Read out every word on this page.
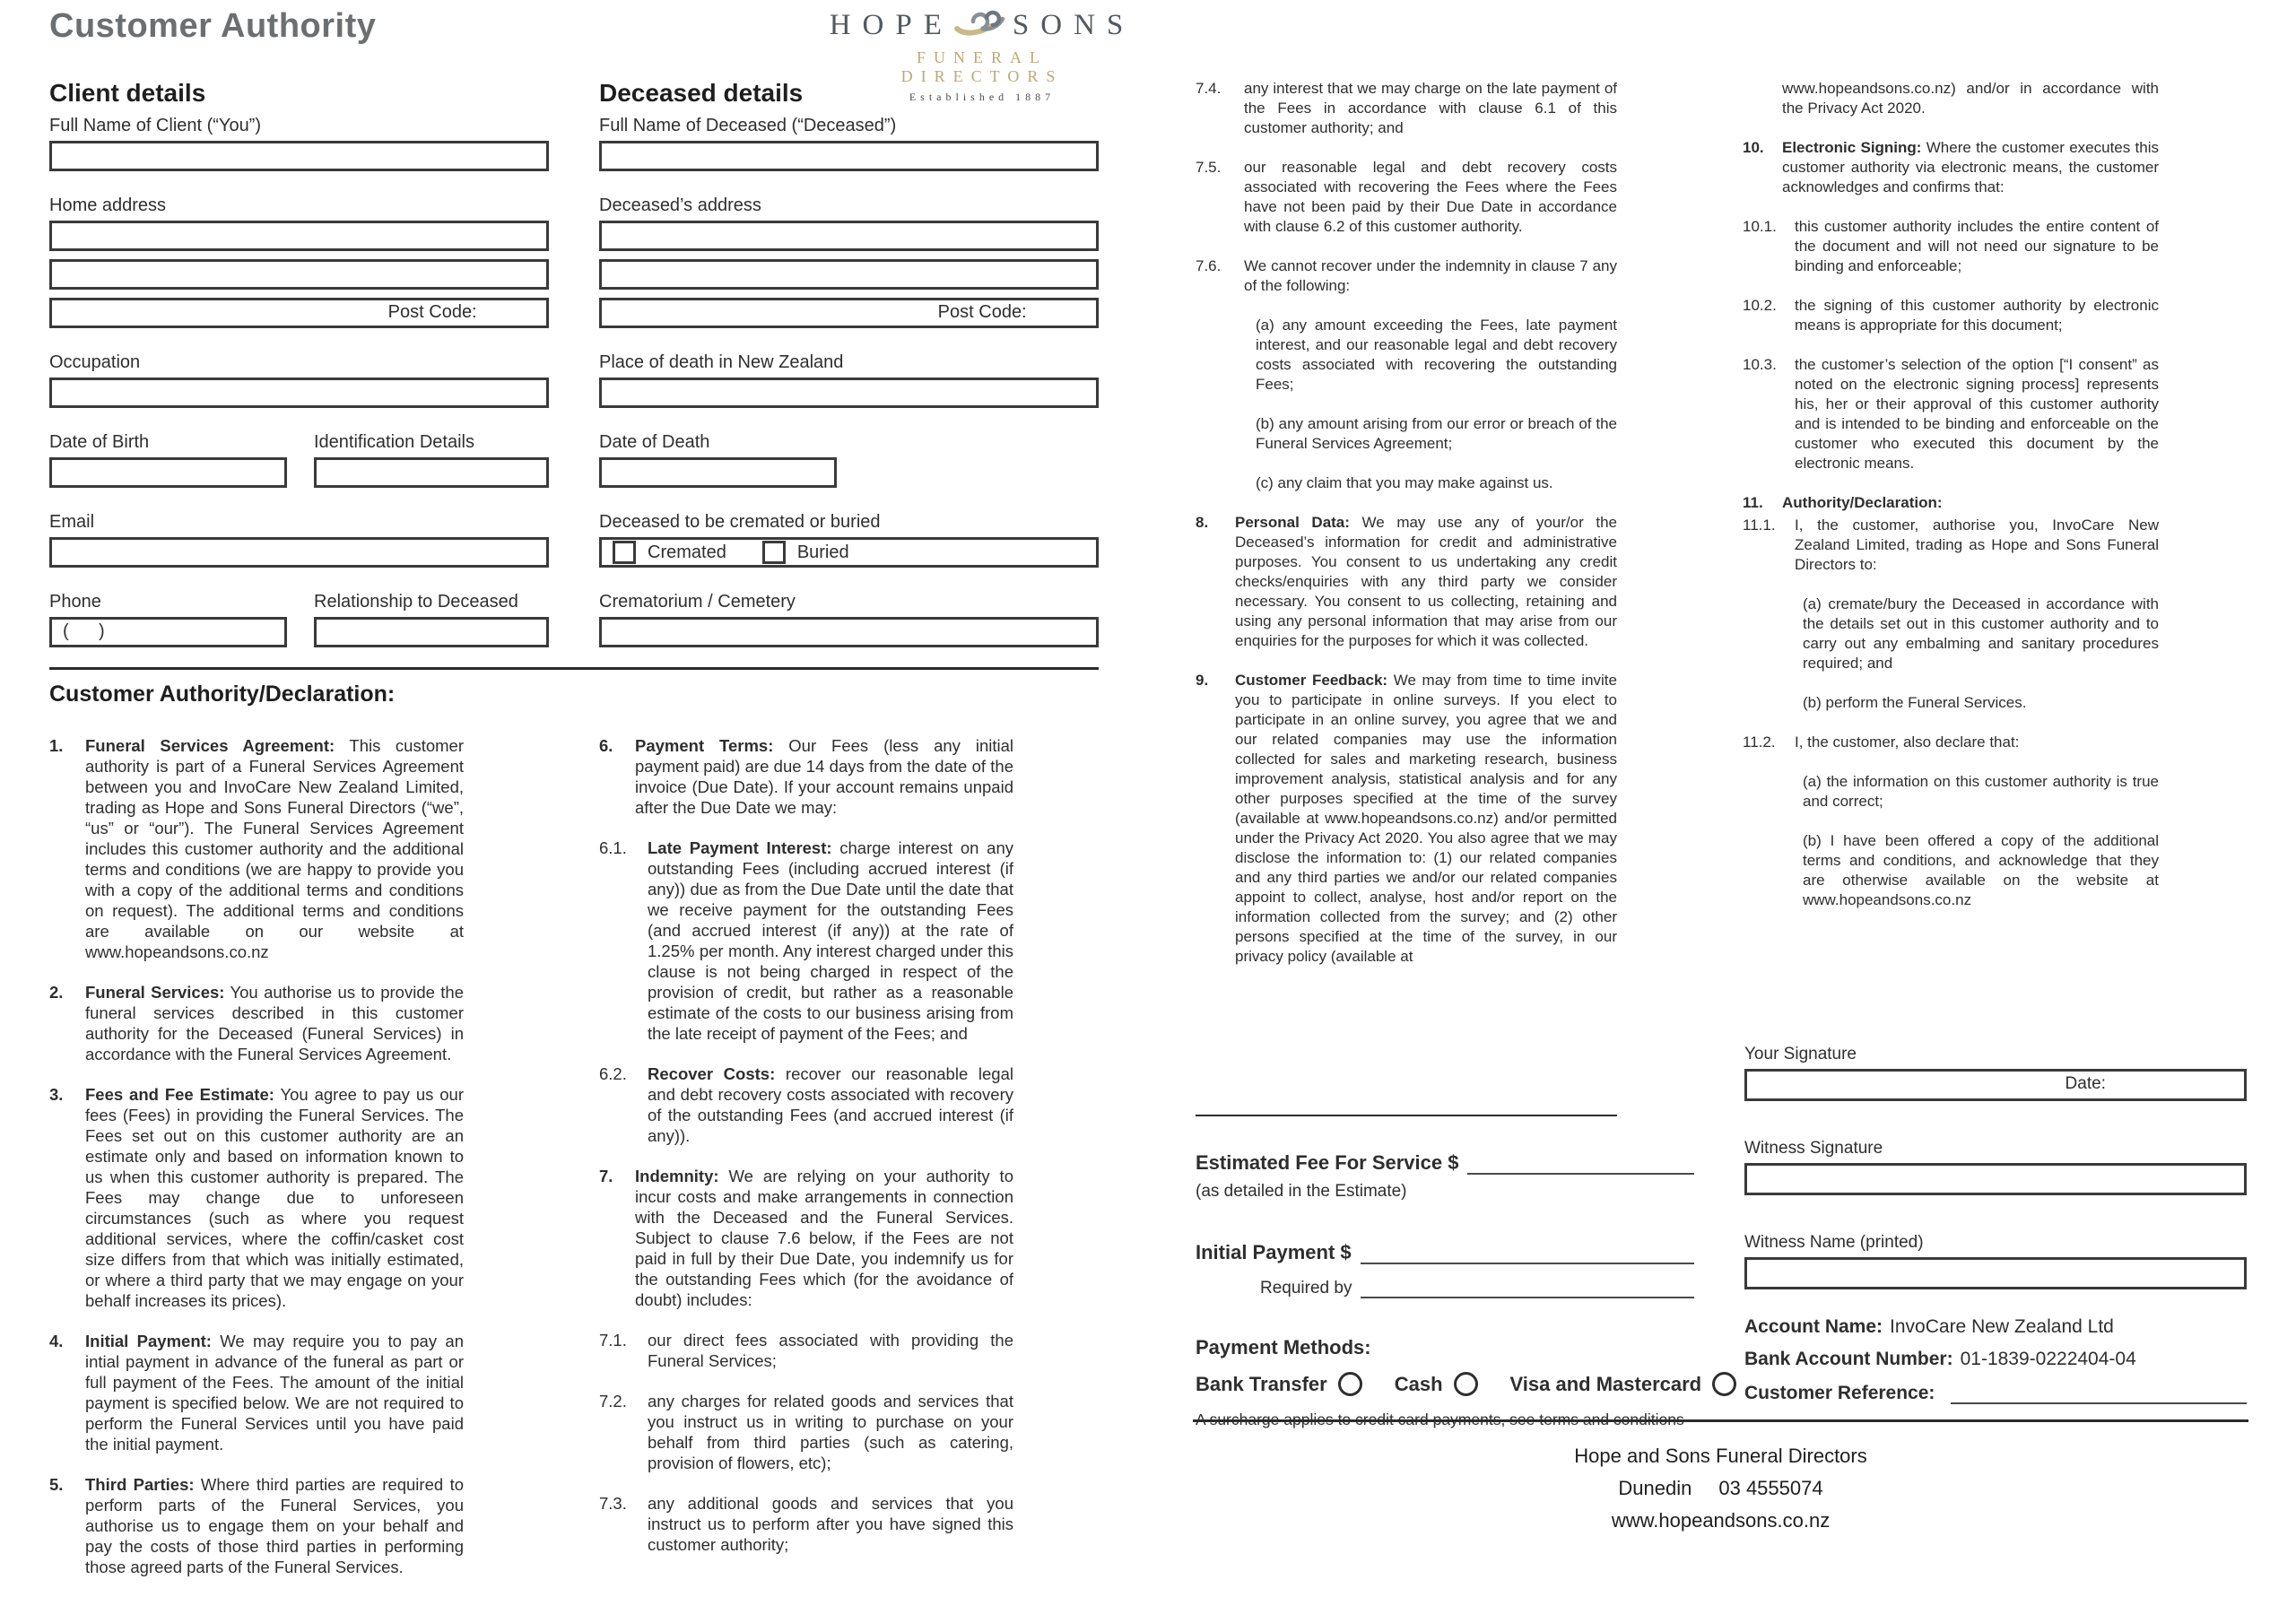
Customer Authority	HOPE SONS
FUNERAL DIRECTORS
Established 1887
Client details
Full Name of Client (“You”)
Home address
Post Code:
Occupation
Date of Birth	Identification Details
Email
Phone
(      )
Relationship to Deceased
Deceased details
Full Name of Deceased (“Deceased”)
Deceased’s address
Post Code:
Place of death in New Zealand
Date of Death
Deceased to be cremated or buried
Cremated	Buried
Crematorium / Cemetery
Customer Authority/Declaration:
1.	Funeral Services Agreement: This customer authority is part of a Funeral Services Agreement between you and InvoCare New Zealand Limited, trading as Hope and Sons Funeral Directors (“we”, “us” or “our”). The Funeral Services Agreement includes this customer authority and the additional terms and conditions (we are happy to provide you with a copy of the additional terms and conditions on request). The additional terms and conditions are available on our website at www.hopeandsons.co.nz
2.	Funeral Services: You authorise us to provide the funeral services described in this customer authority for the Deceased (Funeral Services) in accordance with the Funeral Services Agreement.
3.	Fees and Fee Estimate: You agree to pay us our fees (Fees) in providing the Funeral Services. The Fees set out on this customer authority are an estimate only and based on information known to us when this customer authority is prepared. The Fees may change due to unforeseen circumstances (such as where you request additional services, where the coffin/casket cost size differs from that which was initially estimated, or where a third party that we may engage on your behalf increases its prices).
4.	Initial Payment: We may require you to pay an intial payment in advance of the funeral as part or full payment of the Fees. The amount of the initial payment is specified below. We are not required to perform the Funeral Services until you have paid the initial payment.
5.	Third Parties: Where third parties are required to perform parts of the Funeral Services, you authorise us to engage them on your behalf and pay the costs of those third parties in performing those agreed parts of the Funeral Services.
6.	Payment Terms: Our Fees (less any initial payment paid) are due 14 days from the date of the invoice (Due Date). If your account remains unpaid after the Due Date we may:
6.1.	Late Payment Interest: charge interest on any outstanding Fees (including accrued interest (if any)) due as from the Due Date until the date that we receive payment for the outstanding Fees (and accrued interest (if any)) at the rate of 1.25% per month. Any interest charged under this clause is not being charged in respect of the provision of credit, but rather as a reasonable estimate of the costs to our business arising from the late receipt of payment of the Fees; and
6.2.	Recover Costs: recover our reasonable legal and debt recovery costs associated with recovery of the outstanding Fees (and accrued interest (if any)).
7.	Indemnity: We are relying on your authority to incur costs and make arrangements in connection with the Deceased and the Funeral Services. Subject to clause 7.6 below, if the Fees are not paid in full by their Due Date, you indemnify us for the outstanding Fees which (for the avoidance of doubt) includes:
7.1.	our direct fees associated with providing the Funeral Services;
7.2.	any charges for related goods and services that you instruct us in writing to purchase on your behalf from third parties (such as catering, provision of flowers, etc);
7.3.	any additional goods and services that you instruct us to perform after you have signed this customer authority;
7.4.	any interest that we may charge on the late payment of the Fees in accordance with clause 6.1 of this customer authority; and
7.5.	our reasonable legal and debt recovery costs associated with recovering the Fees where the Fees have not been paid by their Due Date in accordance with clause 6.2 of this customer authority.
7.6.	We cannot recover under the indemnity in clause 7 any of the following:
(a) any amount exceeding the Fees, late payment interest, and our reasonable legal and debt recovery costs associated with recovering the outstanding Fees;
(b) any amount arising from our error or breach of the Funeral Services Agreement;
(c) any claim that you may make against us.
8.	Personal Data: We may use any of your/or the Deceased’s information for credit and administrative purposes. You consent to us undertaking any credit checks/enquiries with any third party we consider necessary. You consent to us collecting, retaining and using any personal information that may arise from our enquiries for the purposes for which it was collected.
9.	Customer Feedback: We may from time to time invite you to participate in online surveys. If you elect to participate in an online survey, you agree that we and our related companies may use the information collected for sales and marketing research, business improvement analysis, statistical analysis and for any other purposes specified at the time of the survey (available at www.hopeandsons.co.nz) and/or permitted under the Privacy Act 2020. You also agree that we may disclose the information to: (1) our related companies and any third parties we and/or our related companies appoint to collect, analyse, host and/or report on the information collected from the survey; and (2) other persons specified at the time of the survey, in our privacy policy (available at
www.hopeandsons.co.nz) and/or in accordance with the Privacy Act 2020.
10.	Electronic Signing: Where the customer executes this customer authority via electronic means, the customer acknowledges and confirms that:
10.1.	this customer authority includes the entire content of the document and will not need our signature to be binding and enforceable;
10.2.	the signing of this customer authority by electronic means is appropriate for this document;
10.3.	the customer’s selection of the option [“I consent” as noted on the electronic signing process] represents his, her or their approval of this customer authority and is intended to be binding and enforceable on the customer who executed this document by the electronic means.
11.	Authority/Declaration:
11.1.	I, the customer, authorise you, InvoCare New Zealand Limited, trading as Hope and Sons Funeral Directors to:
(a) cremate/bury the Deceased in accordance with the details set out in this customer authority and to carry out any embalming and sanitary procedures required; and
(b) perform the Funeral Services.
11.2.	I, the customer, also declare that:
(a) the information on this customer authority is true and correct;
(b) I have been offered a copy of the additional terms and conditions, and acknowledge that they are otherwise available on the website at www.hopeandsons.co.nz
Estimated Fee For Service $
(as detailed in the Estimate)
Initial Payment $
Required by
Payment Methods:
Bank Transfer	Cash	Visa and Mastercard
A surcharge applies to credit card payments, see terms and conditions
Your Signature
Date:
Witness Signature
Witness Name (printed)
Account Name: InvoCare New Zealand Ltd
Bank Account Number: 01-1839-0222404-04
Customer Reference:
Hope and Sons Funeral Directors
Dunedin 03 4555074
www.hopeandsons.co.nz
